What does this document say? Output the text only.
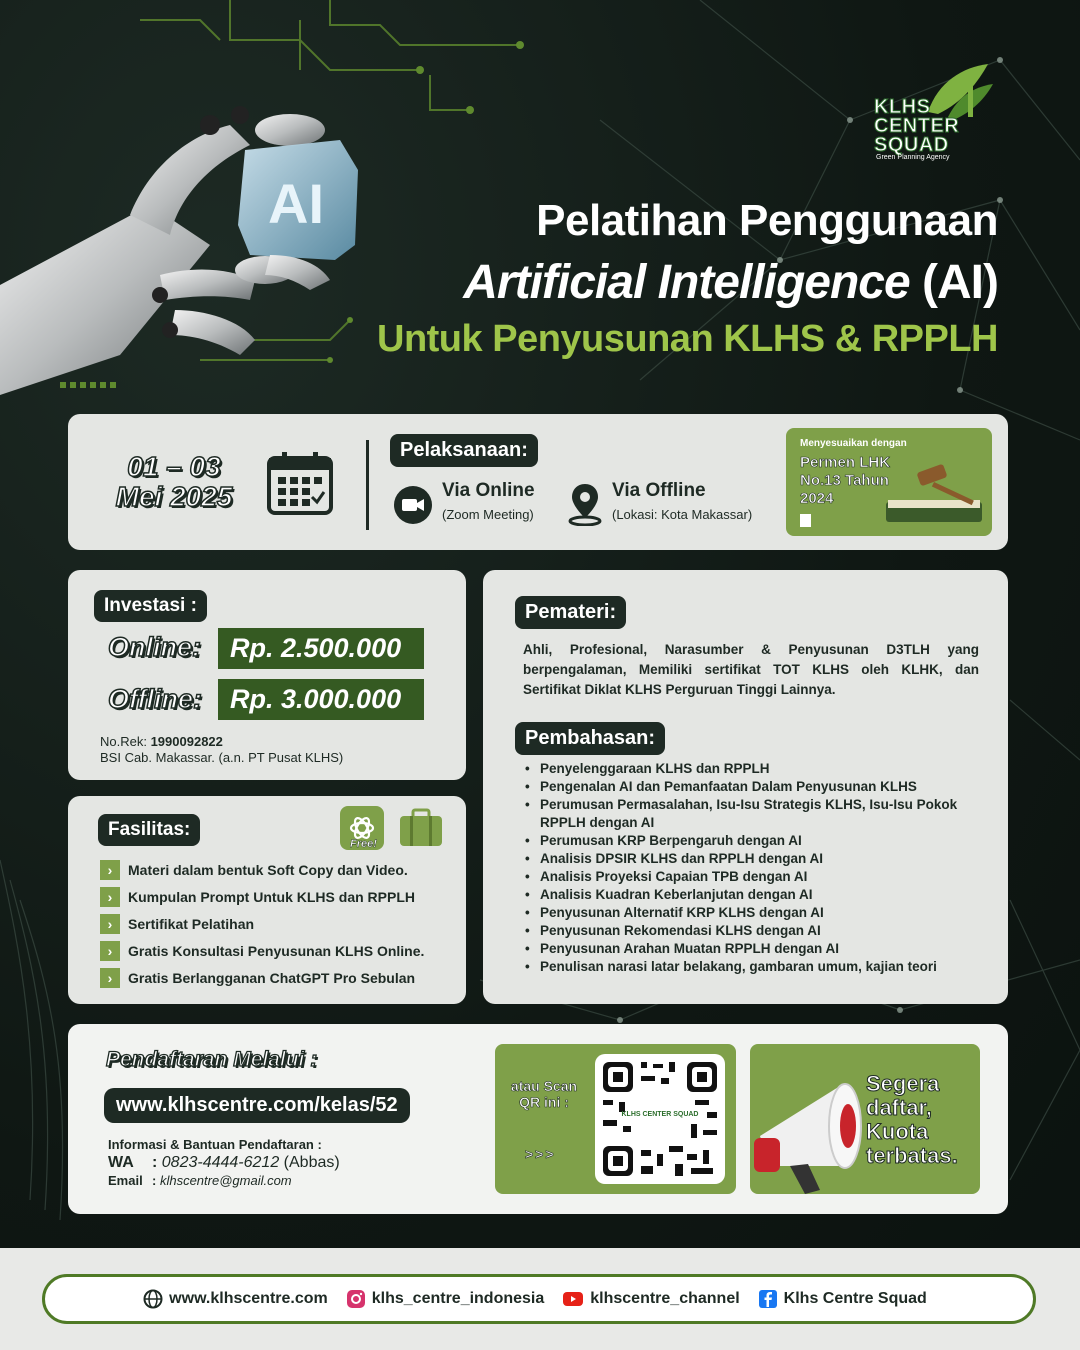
AI
KLHS CENTER SQUAD
Green Planning Agency
Pelatihan Penggunaan
Artificial Intelligence (AI)
Untuk Penyusunan KLHS & RPPLH
01 – 03
Mei 2025
Pelaksanaan:
Via Online
(Zoom Meeting)
Via Offline
(Lokasi: Kota Makassar)
Menyesuaikan dengan
Permen LHK No.13 Tahun 2024
Investasi :
Online:	Rp. 2.500.000
Offline:	Rp. 3.000.000
No.Rek: 1990092822
BSI Cab. Makassar. (a.n. PT Pusat KLHS)
Fasilitas:
Free!
›	Materi dalam bentuk Soft Copy dan Video.
›	Kumpulan Prompt Untuk KLHS dan RPPLH
›	Sertifikat Pelatihan
›	Gratis Konsultasi Penyusunan KLHS Online.
›	Gratis Berlangganan ChatGPT Pro Sebulan
Pemateri:
Ahli, Profesional, Narasumber & Penyusunan D3TLH yang berpengalaman, Memiliki sertifikat TOT KLHS oleh KLHK, dan Sertifikat Diklat KLHS Perguruan Tinggi Lainnya.
Pembahasan:
• Penyelenggaraan KLHS dan RPPLH
• Pengenalan AI dan Pemanfaatan Dalam Penyusunan KLHS
• Perumusan Permasalahan, Isu-Isu Strategis KLHS, Isu-Isu Pokok RPPLH dengan AI
• Perumusan KRP Berpengaruh dengan AI
• Analisis DPSIR KLHS dan RPPLH dengan AI
• Analisis Proyeksi Capaian TPB dengan AI
• Analisis Kuadran Keberlanjutan dengan AI
• Penyusunan Alternatif KRP KLHS dengan AI
• Penyusunan Rekomendasi KLHS dengan AI
• Penyusunan Arahan Muatan RPPLH dengan AI
• Penulisan narasi latar belakang, gambaran umum, kajian teori
Pendaftaran Melalui :
www.klhscentre.com/kelas/52
Informasi & Bantuan Pendaftaran :
WA : 0823-4444-6212 (Abbas)
Email : klhscentre@gmail.com
atau Scan QR ini :
>>>
KLHS CENTER SQUAD
Segera daftar, Kuota terbatas.
www.klhscentre.com	klhs_centre_indonesia	klhscentre_channel	Klhs Centre Squad
